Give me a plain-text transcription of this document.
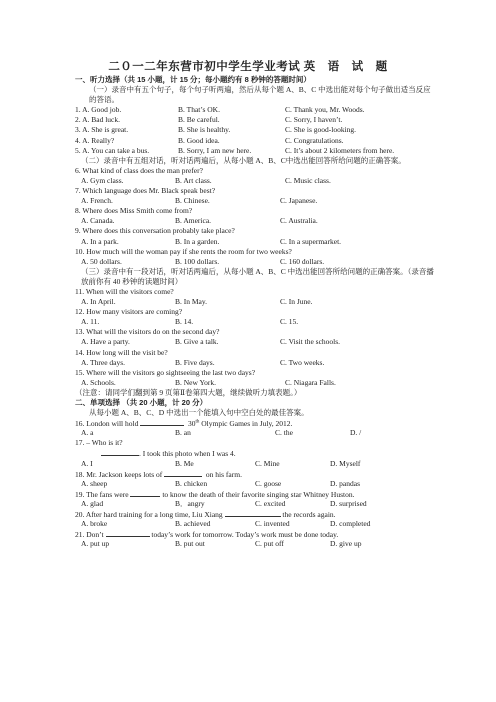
二０一二年东营市初中学生学业考试 英　语　试　题
一、听力选择（共 15 小题，计 15 分；每小题约有 8 秒钟的答题时间）
（一）录音中有五个句子，每个句子听两遍，然后从每个题 A、B、C 中选出能对每个句子做出适当反应的答语。
1. A. Good job.	B. That’s OK.	C. Thank you, Mr. Woods.
2. A. Bad luck.	B. Be careful.	C. Sorry, I haven’t.
3. A. She is great.	B. She is healthy.	C. She is good-looking.
4. A. Really?	B. Good idea.	C. Congratulations.
5. A. You can take a bus.	B. Sorry, I am new here.	C. It’s about 2 kilometers from here.
（二）录音中有五组对话，听对话两遍后，从每小题 A、B、C中选出能回答所给问题的正确答案。
6. What kind of class does the man prefer?
A. Gym class.	B. Art class.	C. Music class.
7. Which language does Mr. Black speak best?
A. French.	B. Chinese.	C. Japanese.
8. Where does Miss Smith come from?
A. Canada.	B. America.	C. Australia.
9. Where does this conversation probably take place?
A. In a park.	B. In a garden.	C. In a supermarket.
10. How much will the woman pay if she rents the room for two weeks?
A. 50 dollars.	B. 100 dollars.	C. 160 dollars.
（三）录音中有一段对话，听对话两遍后，从每小题 A、B、C 中选出能回答所给问题的正确答案。（录音播放前你有 40 秒钟的读题时间）
11. When will the visitors come?
A. In April.	B. In May.	C. In June.
12. How many visitors are coming?
A. 11.	B. 14.	C. 15.
13. What will the visitors do on the second day?
A. Have a party.	B. Give a talk.	C. Visit the schools.
14. How long will the visit be?
A. Three days.	B. Five days.	C. Two weeks.
15. Where will the visitors go sightseeing the last two days?
A. Schools.	B. New York.	C. Niagara Falls.
（注意：请同学们翻到第 9 页第Ⅱ卷第四大题，继续做听力填表题。）
二、单项选择 （共 20 小题，计 20 分）
从每小题 A、B、C、D 中选出一个能填入句中空白处的最佳答案。
16. London will hold	30th Olympic Games in July, 2012.
A. a	B. an	C. the	D. /
17. – Who is it?
. I took this photo when I was 4.
A. I	B. Me	C. Mine	D. Myself
18. Mr. Jackson keeps lots of	on his farm.
A. sheep	B. chicken	C. goose	D. pandas
19. The fans were	to know the death of their favorite singing star Whitney Huston.
A. glad	B．angry	C. excited	D. surprised
20. After hard training for a long time, Liu Xiang	the records again.
A. broke	B. achieved	C. invented	D. completed
21. Don’t	today’s work for tomorrow. Today’s work must be done today.
A. put up	B. put out	C. put off	D. give up
